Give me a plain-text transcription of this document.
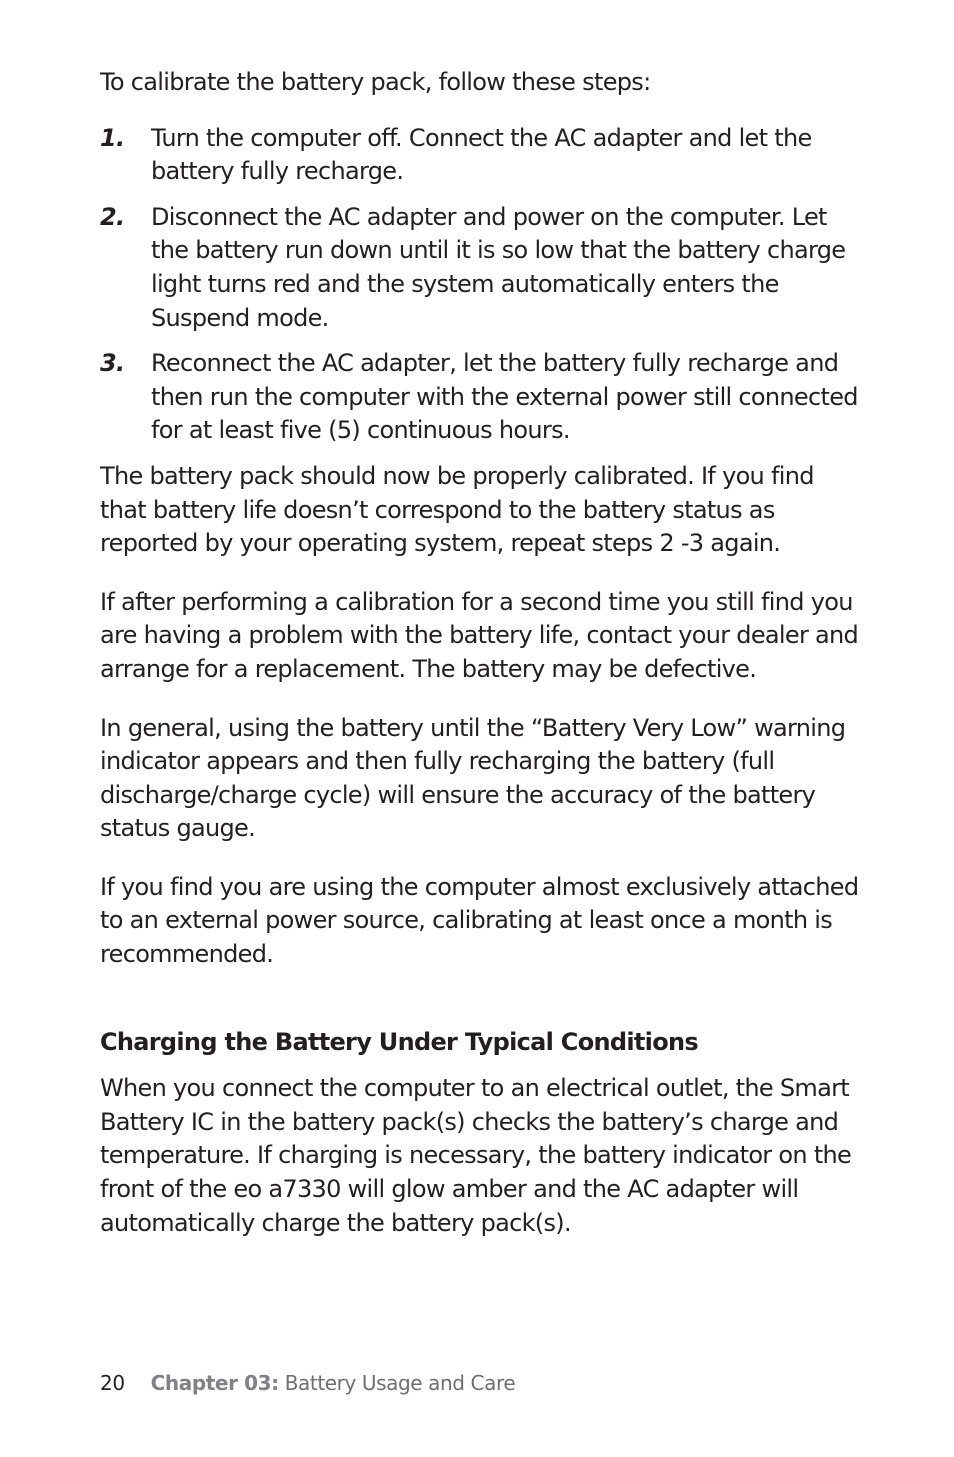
To calibrate the battery pack, follow these steps:

1.	Turn the computer off. Connect the AC adapter and let the battery fully recharge.

2.	Disconnect the AC adapter and power on the computer. Let the battery run down until it is so low that the battery charge light turns red and the system automatically enters the Suspend mode.

3.	Reconnect the AC adapter, let the battery fully recharge and then run the computer with the external power still connected for at least five (5) continuous hours.

The battery pack should now be properly calibrated. If you find that battery life doesn’t correspond to the battery status as reported by your operating system, repeat steps 2 -3 again.

If after performing a calibration for a second time you still find you are having a problem with the battery life, contact your dealer and arrange for a replacement. The battery may be defective.

In general, using the battery until the “Battery Very Low” warning indicator appears and then fully recharging the battery (full discharge/charge cycle) will ensure the accuracy of the battery status gauge.

If you find you are using the computer almost exclusively attached to an external power source, calibrating at least once a month is recommended.

Charging the Battery Under Typical Conditions

When you connect the computer to an electrical outlet, the Smart Battery IC in the battery pack(s) checks the battery’s charge and temperature. If charging is necessary, the battery indicator on the front of the eo a7330 will glow amber and the AC adapter will automatically charge the battery pack(s).

20 Chapter 03: Battery Usage and Care
